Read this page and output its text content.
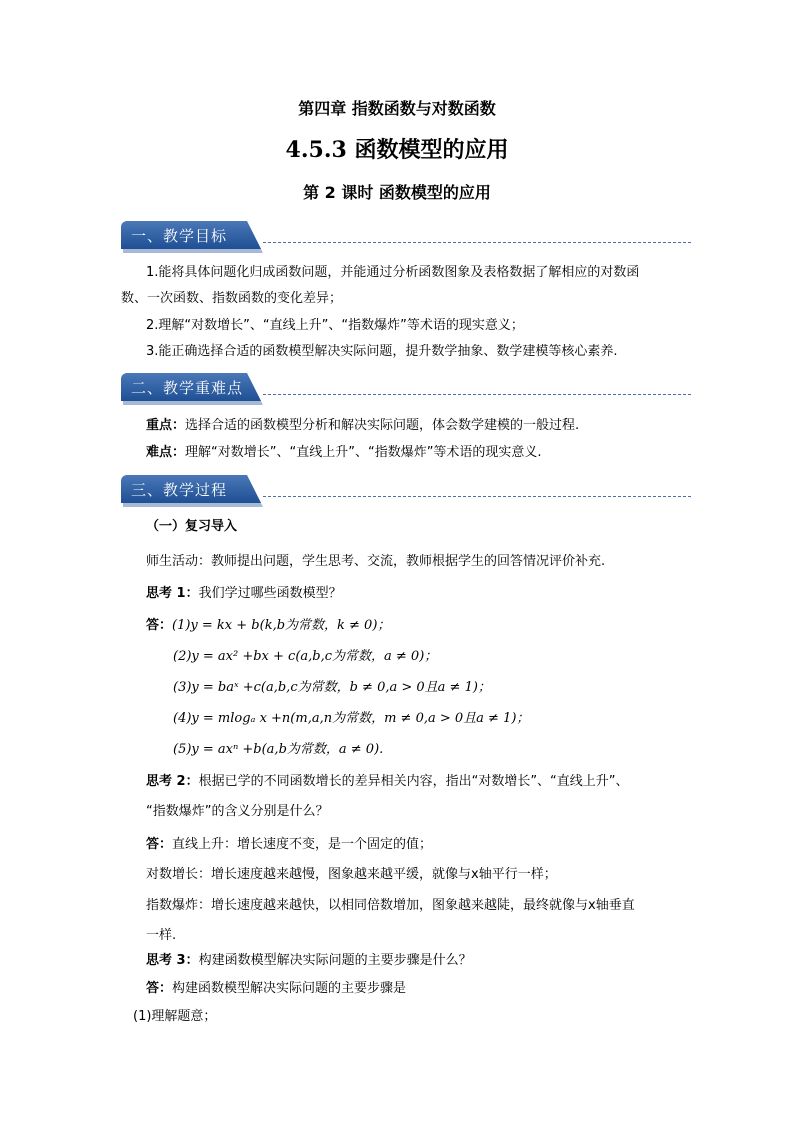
第四章 指数函数与对数函数
4.5.3 函数模型的应用
第 2 课时 函数模型的应用
一、教学目标
1.能将具体问题化归成函数问题，并能通过分析函数图象及表格数据了解相应的对数函
数、一次函数、指数函数的变化差异；
2.理解“对数增长”、“直线上升”、“指数爆炸”等术语的现实意义；
3.能正确选择合适的函数模型解决实际问题，提升数学抽象、数学建模等核心素养.
二、教学重难点
重点：选择合适的函数模型分析和解决实际问题，体会数学建模的一般过程.
难点：理解“对数增长”、“直线上升”、“指数爆炸”等术语的现实意义.
三、教学过程
（一）复习导入
师生活动：教师提出问题，学生思考、交流，教师根据学生的回答情况评价补充.
思考 1：我们学过哪些函数模型？
答：(1)y = kx + b(k,b为常数，k ≠ 0)；
(2)y = ax² +bx + c(a,b,c为常数，a ≠ 0)；
(3)y = baˣ +c(a,b,c为常数，b ≠ 0,a > 0且a ≠ 1)；
(4)y = mlogₐ x +n(m,a,n为常数，m ≠ 0,a > 0且a ≠ 1)；
(5)y = axⁿ +b(a,b为常数，a ≠ 0).
思考 2：根据已学的不同函数增长的差异相关内容，指出“对数增长”、“直线上升”、
“指数爆炸”的含义分别是什么？
答：直线上升：增长速度不变，是一个固定的值；
对数增长：增长速度越来越慢，图象越来越平缓，就像与x轴平行一样；
指数爆炸：增长速度越来越快，以相同倍数增加，图象越来越陡，最终就像与x轴垂直
一样.
思考 3：构建函数模型解决实际问题的主要步骤是什么？
答：构建函数模型解决实际问题的主要步骤是
(1)理解题意；
